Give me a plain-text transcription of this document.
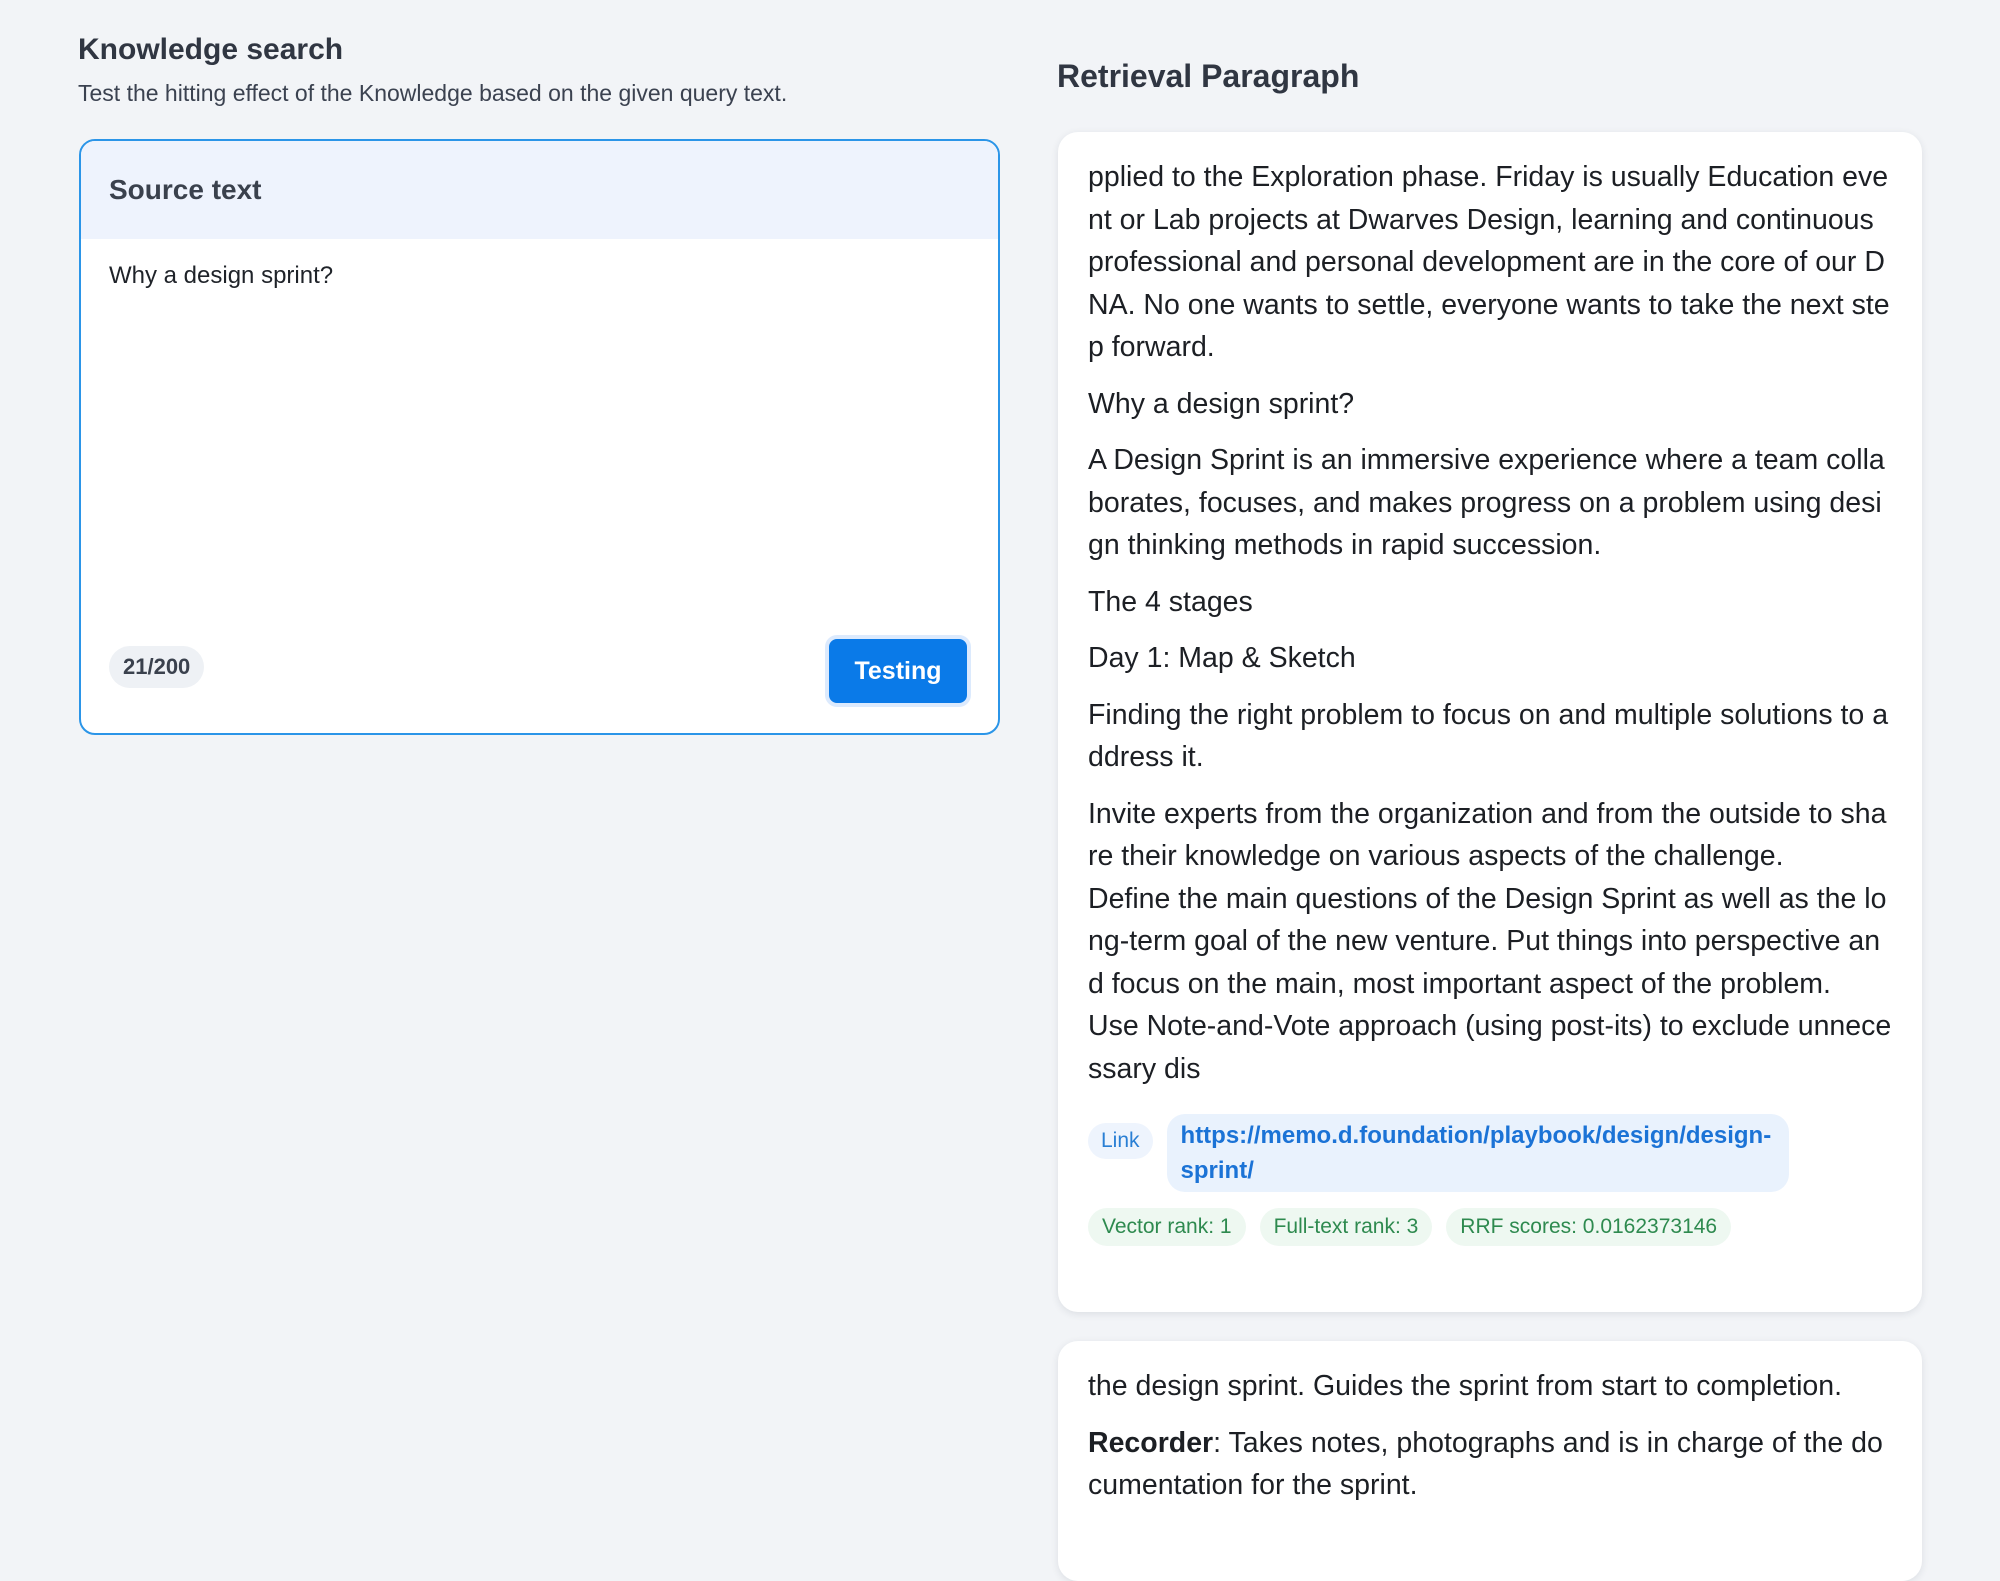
Knowledge search
Test the hitting effect of the Knowledge based on the given query text.
Source text
Why a design sprint?
21/200	Testing
Retrieval Paragraph
pplied to the Exploration phase. Friday is usually Education event or Lab projects at Dwarves Design, learning and continuous professional and personal development are in the core of our DNA. No one wants to settle, everyone wants to take the next step forward.
Why a design sprint?
A Design Sprint is an immersive experience where a team collaborates, focuses, and makes progress on a problem using design thinking methods in rapid succession.
The 4 stages
Day 1: Map & Sketch
Finding the right problem to focus on and multiple solutions to address it.
Invite experts from the organization and from the outside to share their knowledge on various aspects of the challenge.
Define the main questions of the Design Sprint as well as the long-term goal of the new venture. Put things into perspective and focus on the main, most important aspect of the problem.
Use Note-and-Vote approach (using post-its) to exclude unnecessary dis
Link	https://memo.d.foundation/playbook/design/design-sprint/
Vector rank: 1	Full-text rank: 3	RRF scores: 0.0162373146
the design sprint. Guides the sprint from start to completion.
Recorder: Takes notes, photographs and is in charge of the documentation for the sprint.
